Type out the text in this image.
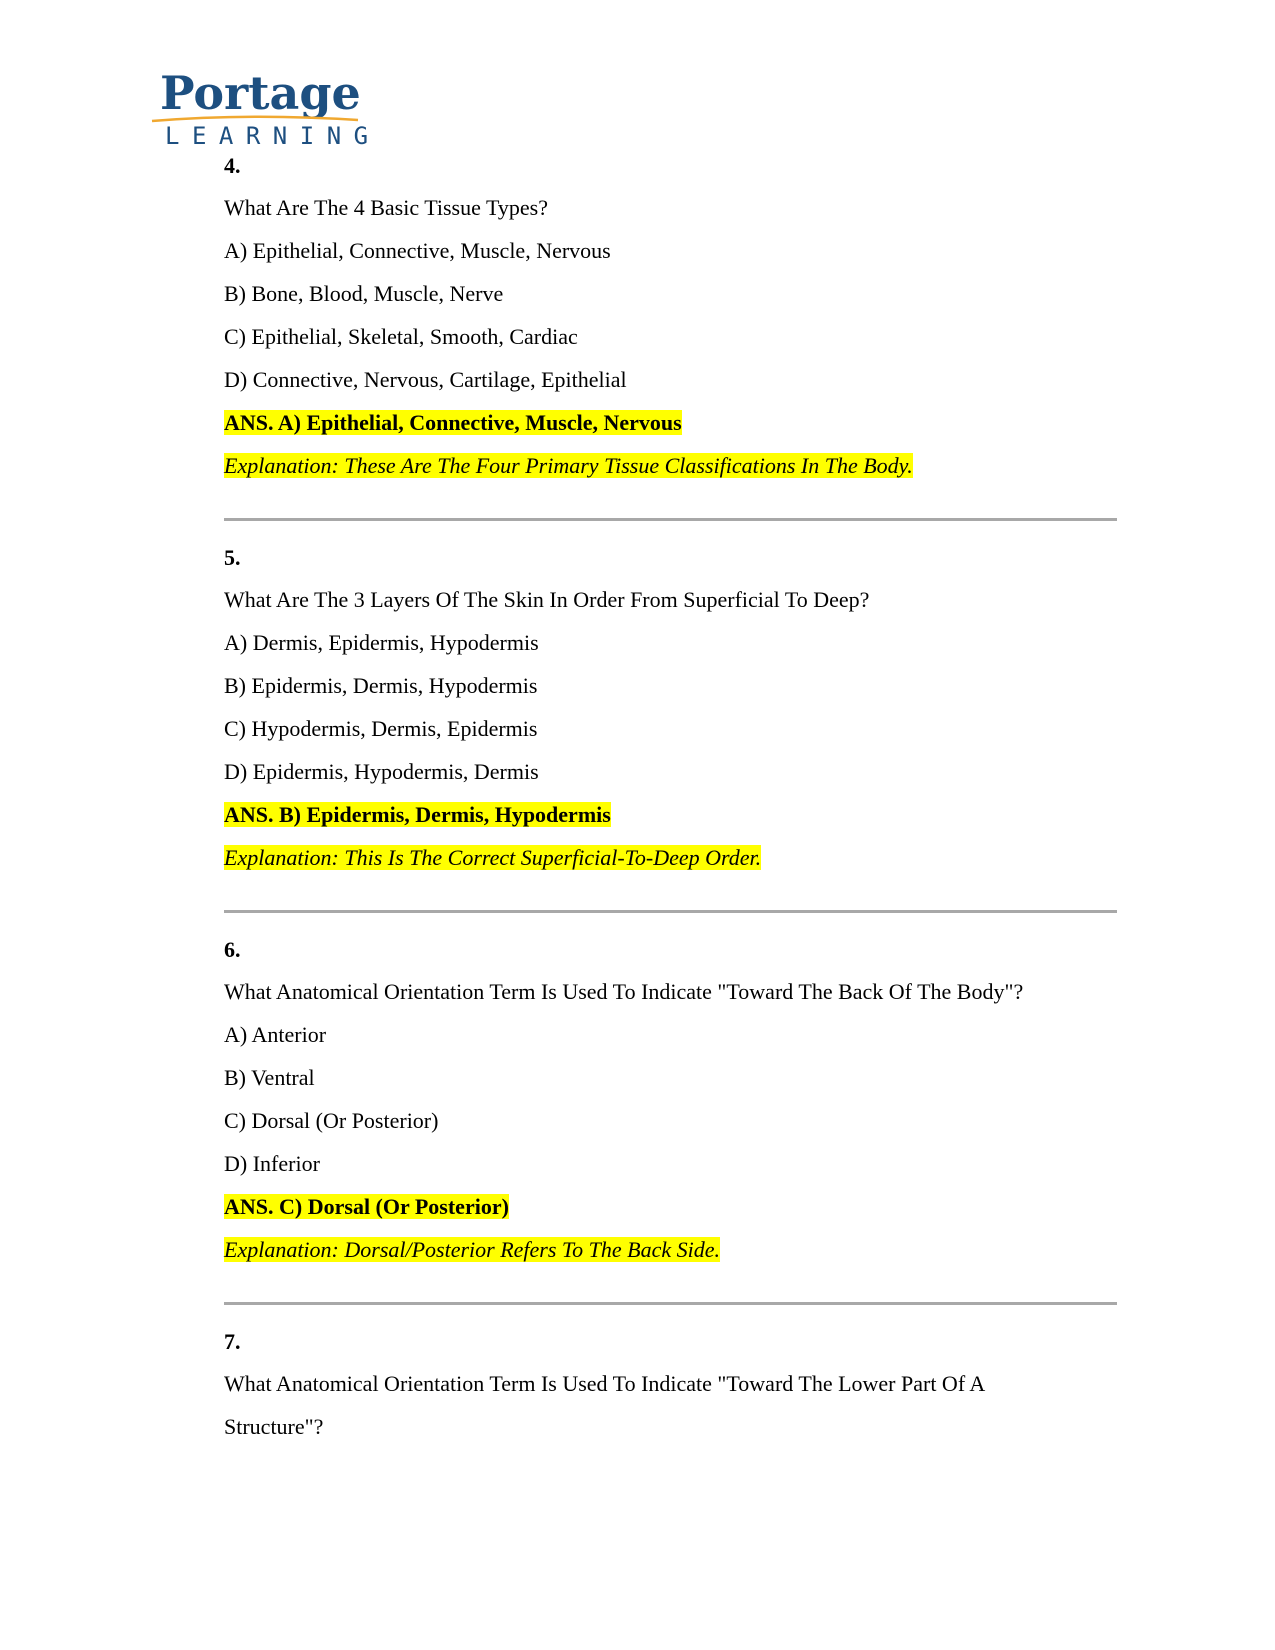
Portage
LEARNING
4.
What Are The 4 Basic Tissue Types?
A) Epithelial, Connective, Muscle, Nervous
B) Bone, Blood, Muscle, Nerve
C) Epithelial, Skeletal, Smooth, Cardiac
D) Connective, Nervous, Cartilage, Epithelial
ANS. A) Epithelial, Connective, Muscle, Nervous
Explanation: These Are The Four Primary Tissue Classifications In The Body.
5.
What Are The 3 Layers Of The Skin In Order From Superficial To Deep?
A) Dermis, Epidermis, Hypodermis
B) Epidermis, Dermis, Hypodermis
C) Hypodermis, Dermis, Epidermis
D) Epidermis, Hypodermis, Dermis
ANS. B) Epidermis, Dermis, Hypodermis
Explanation: This Is The Correct Superficial-To-Deep Order.
6.
What Anatomical Orientation Term Is Used To Indicate "Toward The Back Of The Body"?
A) Anterior
B) Ventral
C) Dorsal (Or Posterior)
D) Inferior
ANS. C) Dorsal (Or Posterior)
Explanation: Dorsal/Posterior Refers To The Back Side.
7.
What Anatomical Orientation Term Is Used To Indicate "Toward The Lower Part Of A Structure"?
